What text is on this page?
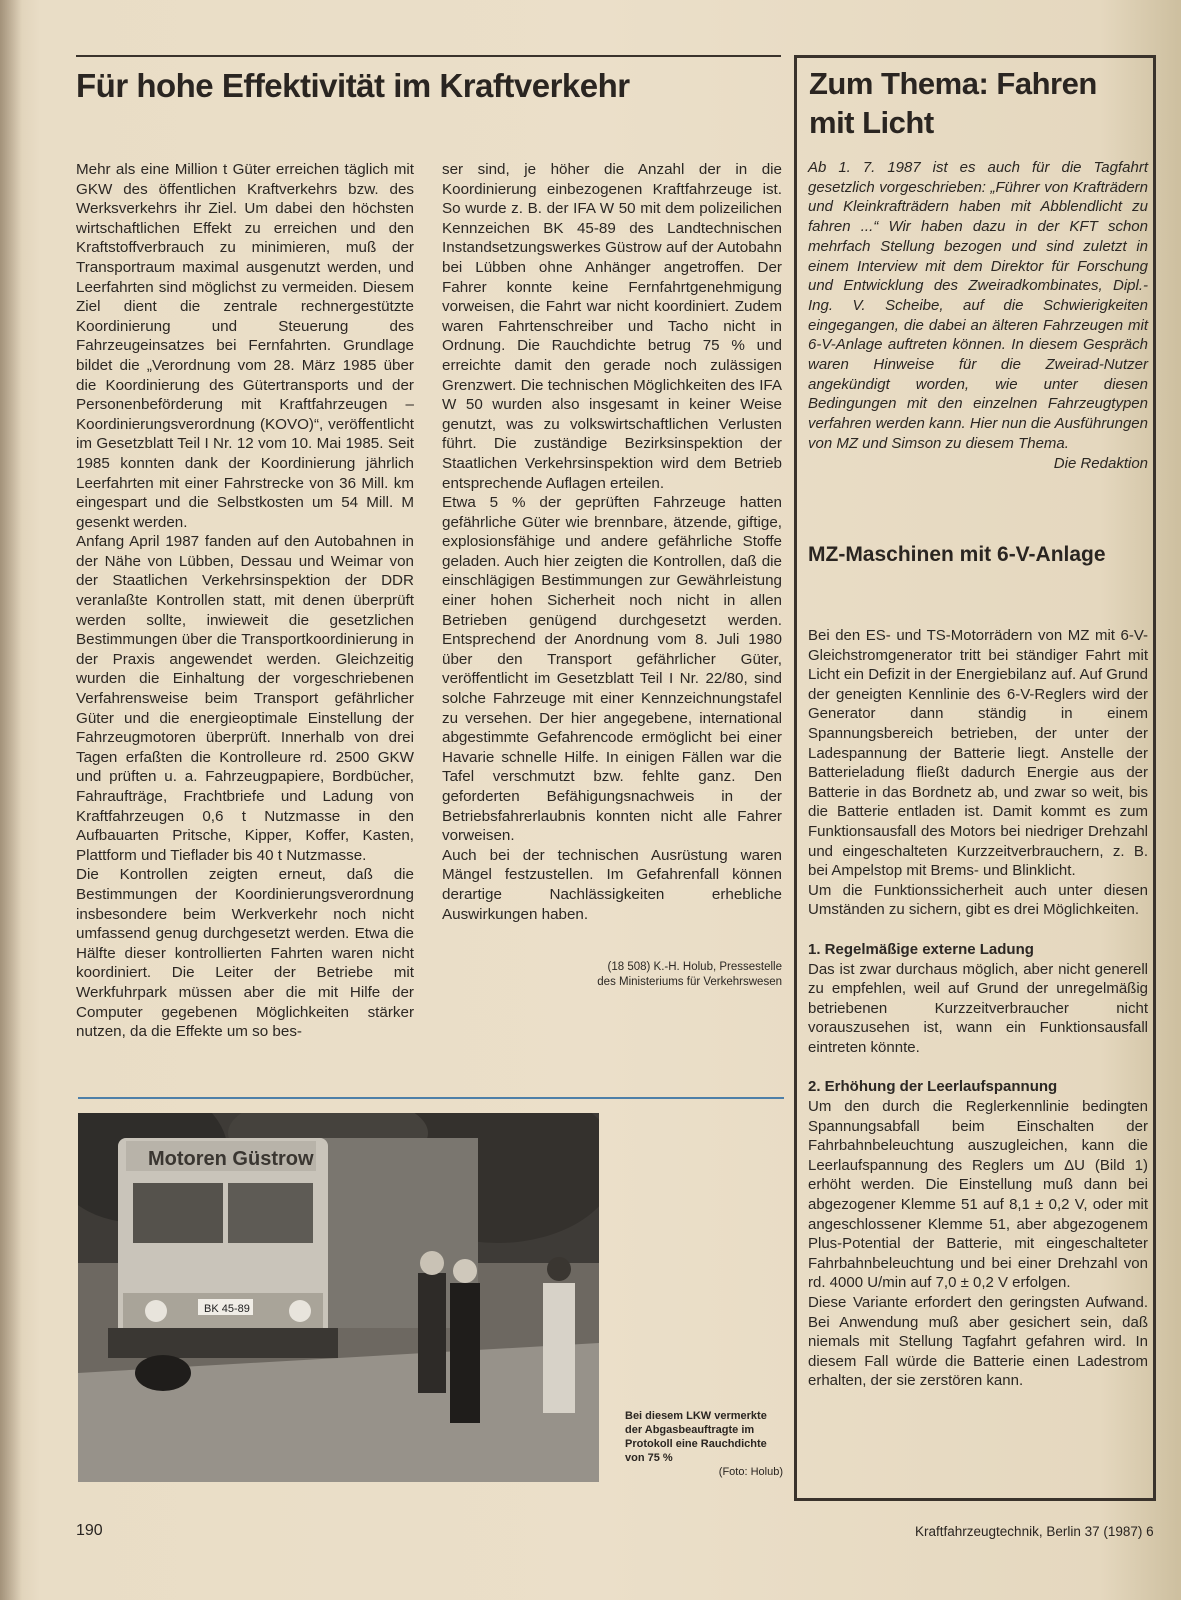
Für hohe Effektivität im Kraftverkehr

Mehr als eine Million t Güter erreichen täglich mit GKW des öffentlichen Kraftverkehrs bzw. des Werksverkehrs ihr Ziel. Um dabei den höchsten wirtschaftlichen Effekt zu erreichen und den Kraftstoffverbrauch zu minimieren, muß der Transportraum maximal ausgenutzt werden, und Leerfahrten sind möglichst zu vermeiden. Diesem Ziel dient die zentrale rechnergestützte Koordinierung und Steuerung des Fahrzeugeinsatzes bei Fernfahrten. Grundlage bildet die „Verordnung vom 28. März 1985 über die Koordinierung des Gütertransports und der Personenbeförderung mit Kraftfahrzeugen – Koordinierungsverordnung (KOVO)“, veröffentlicht im Gesetzblatt Teil I Nr. 12 vom 10. Mai 1985. Seit 1985 konnten dank der Koordinierung jährlich Leerfahrten mit einer Fahrstrecke von 36 Mill. km eingespart und die Selbstkosten um 54 Mill. M gesenkt werden.

Anfang April 1987 fanden auf den Autobahnen in der Nähe von Lübben, Dessau und Weimar von der Staatlichen Verkehrsinspektion der DDR veranlaßte Kontrollen statt, mit denen überprüft werden sollte, inwieweit die gesetzlichen Bestimmungen über die Transportkoordinierung in der Praxis angewendet werden. Gleichzeitig wurden die Einhaltung der vorgeschriebenen Verfahrensweise beim Transport gefährlicher Güter und die energieoptimale Einstellung der Fahrzeugmotoren überprüft. Innerhalb von drei Tagen erfaßten die Kontrolleure rd. 2500 GKW und prüften u. a. Fahrzeugpapiere, Bordbücher, Fahraufträge, Frachtbriefe und Ladung von Kraftfahrzeugen 0,6 t Nutzmasse in den Aufbauarten Pritsche, Kipper, Koffer, Kasten, Plattform und Tieflader bis 40 t Nutzmasse.

Die Kontrollen zeigten erneut, daß die Bestimmungen der Koordinierungsverordnung insbesondere beim Werkverkehr noch nicht umfassend genug durchgesetzt werden. Etwa die Hälfte dieser kontrollierten Fahrten waren nicht koordiniert. Die Leiter der Betriebe mit Werkfuhrpark müssen aber die mit Hilfe der Computer gegebenen Möglichkeiten stärker nutzen, da die Effekte um so bes-

ser sind, je höher die Anzahl der in die Koordinierung einbezogenen Kraftfahrzeuge ist. So wurde z. B. der IFA W 50 mit dem polizeilichen Kennzeichen BK 45-89 des Landtechnischen Instandsetzungswerkes Güstrow auf der Autobahn bei Lübben ohne Anhänger angetroffen. Der Fahrer konnte keine Fernfahrtgenehmigung vorweisen, die Fahrt war nicht koordiniert. Zudem waren Fahrtenschreiber und Tacho nicht in Ordnung. Die Rauchdichte betrug 75 % und erreichte damit den gerade noch zulässigen Grenzwert. Die technischen Möglichkeiten des IFA W 50 wurden also insgesamt in keiner Weise genutzt, was zu volkswirtschaftlichen Verlusten führt. Die zuständige Bezirksinspektion der Staatlichen Verkehrsinspektion wird dem Betrieb entsprechende Auflagen erteilen.

Etwa 5 % der geprüften Fahrzeuge hatten gefährliche Güter wie brennbare, ätzende, giftige, explosionsfähige und andere gefährliche Stoffe geladen. Auch hier zeigten die Kontrollen, daß die einschlägigen Bestimmungen zur Gewährleistung einer hohen Sicherheit noch nicht in allen Betrieben genügend durchgesetzt werden. Entsprechend der Anordnung vom 8. Juli 1980 über den Transport gefährlicher Güter, veröffentlicht im Gesetzblatt Teil I Nr. 22/80, sind solche Fahrzeuge mit einer Kennzeichnungstafel zu versehen. Der hier angegebene, international abgestimmte Gefahrencode ermöglicht bei einer Havarie schnelle Hilfe. In einigen Fällen war die Tafel verschmutzt bzw. fehlte ganz. Den geforderten Befähigungsnachweis in der Betriebsfahrerlaubnis konnten nicht alle Fahrer vorweisen.

Auch bei der technischen Ausrüstung waren Mängel festzustellen. Im Gefahrenfall können derartige Nachlässigkeiten erhebliche Auswirkungen haben.

(18 508) K.-H. Holub, Pressestelle
des Ministeriums für Verkehrswesen
Motoren Güstrow
BK 45-89
Bei diesem LKW vermerkte der Abgasbeauftragte im Protokoll eine Rauchdichte von 75 %
(Foto: Holub)
Zum Thema: Fahren mit Licht
Ab 1. 7. 1987 ist es auch für die Tagfahrt gesetzlich vorgeschrieben: „Führer von Krafträdern und Kleinkrafträdern haben mit Abblendlicht zu fahren ...“ Wir haben dazu in der KFT schon mehrfach Stellung bezogen und sind zuletzt in einem Interview mit dem Direktor für Forschung und Entwicklung des Zweiradkombinates, Dipl.-Ing. V. Scheibe, auf die Schwierigkeiten eingegangen, die dabei an älteren Fahrzeugen mit 6-V-Anlage auftreten können. In diesem Gespräch waren Hinweise für die Zweirad-Nutzer angekündigt worden, wie unter diesen Bedingungen mit den einzelnen Fahrzeugtypen verfahren werden kann. Hier nun die Ausführungen von MZ und Simson zu diesem Thema.
Die Redaktion
MZ-Maschinen mit 6-V-Anlage

Bei den ES- und TS-Motorrädern von MZ mit 6-V-Gleichstromgenerator tritt bei ständiger Fahrt mit Licht ein Defizit in der Energiebilanz auf. Auf Grund der geneigten Kennlinie des 6-V-Reglers wird der Generator dann ständig in einem Spannungsbereich betrieben, der unter der Ladespannung der Batterie liegt. Anstelle der Batterieladung fließt dadurch Energie aus der Batterie in das Bordnetz ab, und zwar so weit, bis die Batterie entladen ist. Damit kommt es zum Funktionsausfall des Motors bei niedriger Drehzahl und eingeschalteten Kurzzeitverbrauchern, z. B. bei Ampelstop mit Brems- und Blinklicht.

Um die Funktionssicherheit auch unter diesen Umständen zu sichern, gibt es drei Möglichkeiten.

1. Regelmäßige externe Ladung

Das ist zwar durchaus möglich, aber nicht generell zu empfehlen, weil auf Grund der unregelmäßig betriebenen Kurzzeitverbraucher nicht vorauszusehen ist, wann ein Funktionsausfall eintreten könnte.

2. Erhöhung der Leerlaufspannung

Um den durch die Reglerkennlinie bedingten Spannungsabfall beim Einschalten der Fahrbahnbeleuchtung auszugleichen, kann die Leerlaufspannung des Reglers um ΔU (Bild 1) erhöht werden. Die Einstellung muß dann bei abgezogener Klemme 51 auf 8,1 ± 0,2 V, oder mit angeschlossener Klemme 51, aber abgezogenem Plus-Potential der Batterie, mit eingeschalteter Fahrbahnbeleuchtung und bei einer Drehzahl von rd. 4000 U/min auf 7,0 ± 0,2 V erfolgen.

Diese Variante erfordert den geringsten Aufwand. Bei Anwendung muß aber gesichert sein, daß niemals mit Stellung Tagfahrt gefahren wird. In diesem Fall würde die Batterie einen Ladestrom erhalten, der sie zerstören kann.

190	Kraftfahrzeugtechnik, Berlin 37 (1987) 6
